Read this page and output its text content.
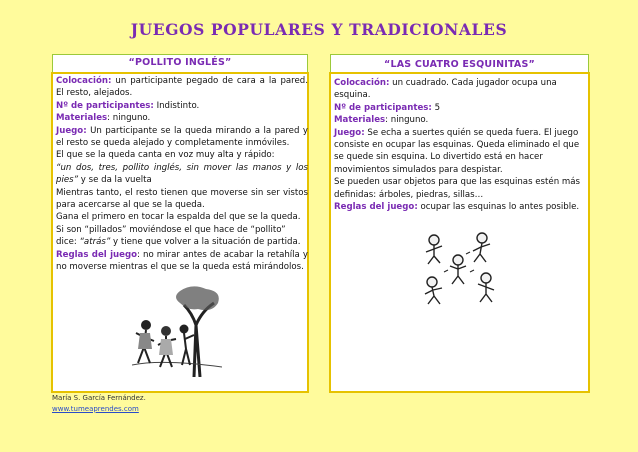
JUEGOS POPULARES Y TRADICIONALES
“POLLITO INGLÉS”	“LAS CUATRO ESQUINITAS”

Colocación: un participante pegado de cara a la pared. El resto, alejados.

Nº de participantes: Indistinto.

Materiales: ninguno.

Juego: Un participante se la queda mirando a la pared y el resto se queda alejado y completamente inmóviles.

El que se la queda canta en voz muy alta y rápido:

“un dos, tres, pollito inglés, sin mover las manos y los pies” y se da la vuelta

Mientras tanto, el resto tienen que moverse sin ser vistos para acercarse al que se la queda.

Gana el primero en tocar la espalda del que se la queda.

Si son “pillados” moviéndose el que hace de “pollito”

dice: “atrás” y tiene que volver a la situación de partida.

Reglas del juego: no mirar antes de acabar la retahíla y no moverse mientras el que se la queda está mirándolos.

Colocación: un cuadrado. Cada jugador ocupa una esquina.

Nº de participantes: 5

Materiales: ninguno.

Juego: Se echa a suertes quién se queda fuera. El juego consiste en ocupar las esquinas. Queda eliminado el que se quede sin esquina. Lo divertido está en hacer movimientos simulados para despistar.

Se pueden usar objetos para que las esquinas estén más definidas: árboles, piedras, sillas…

Reglas del juego: ocupar las esquinas lo antes posible.

María S. García Fernández.
www.tumeaprendes.com
